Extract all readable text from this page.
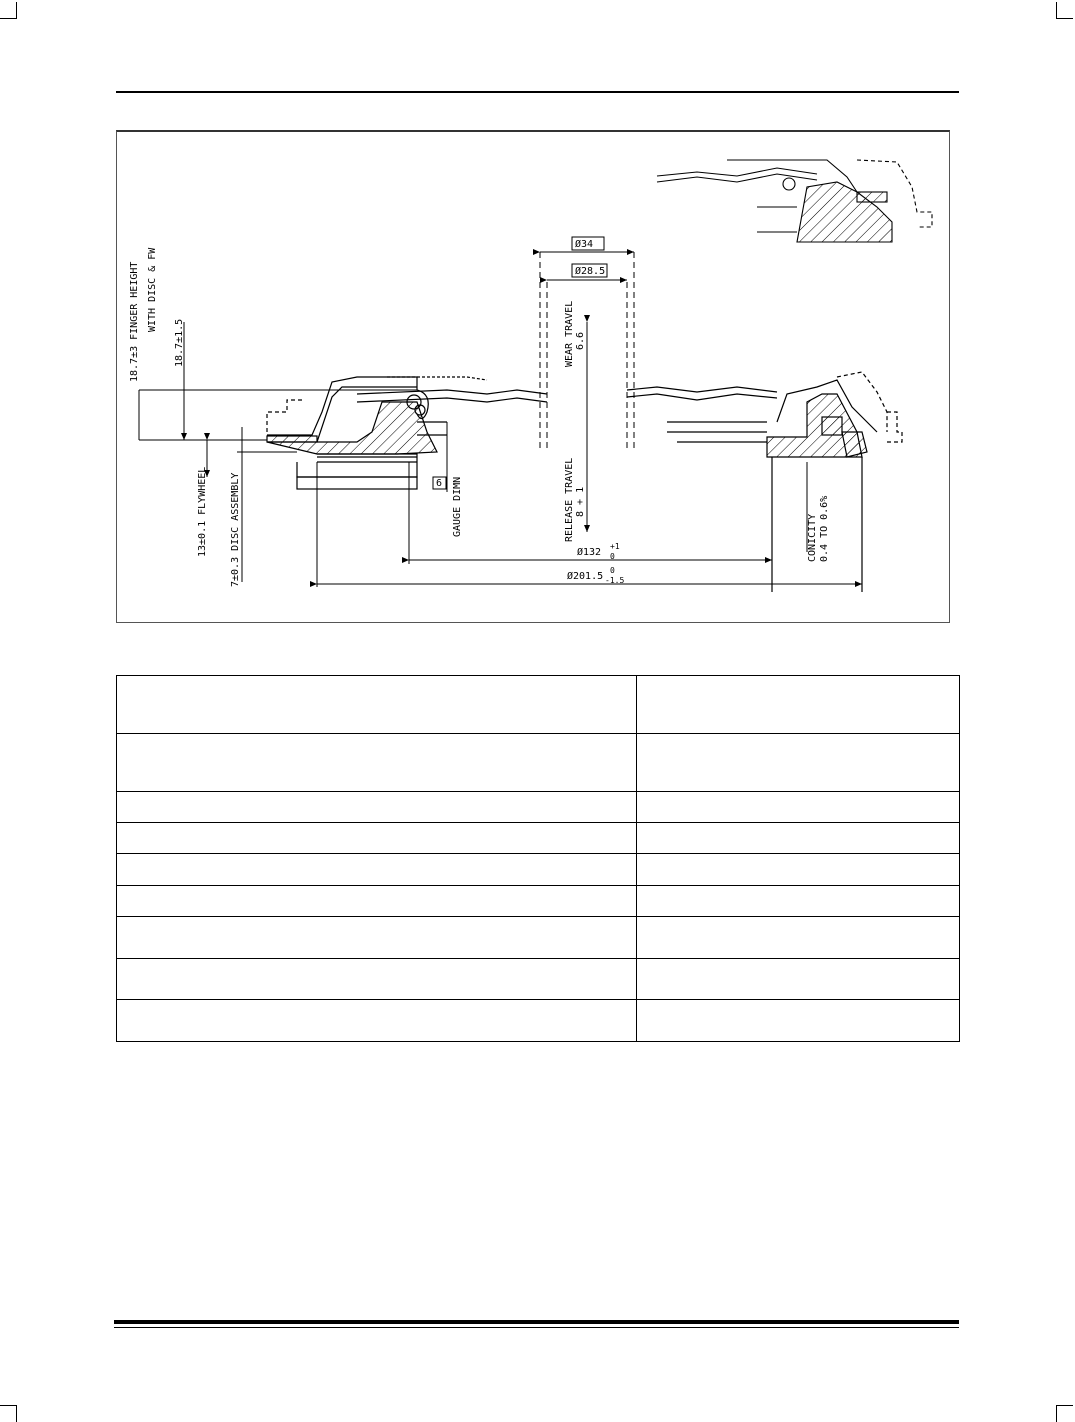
Ø34
Ø28.5
WEAR TRAVEL 6.6
RELEASE TRAVEL 8 + 1
18.7±3 FINGER HEIGHT WITH DISC & FW
18.7±1.5
13±0.1 FLYWHEEL 7±0.3 DISC ASSEMBLY	6 GAUGE DIMN
Ø132
+1
0
Ø201.5
0
-1.5
CONICITY 0.4 TO 0.6%
